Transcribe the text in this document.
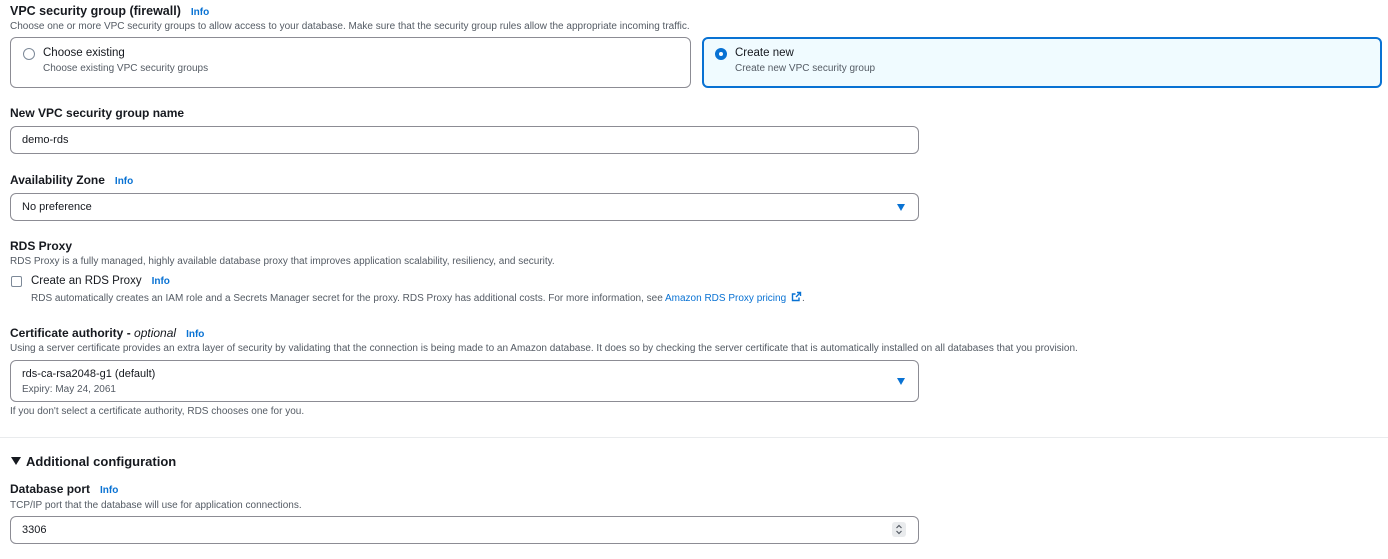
VPC security group (firewall) Info
Choose one or more VPC security groups to allow access to your database. Make sure that the security group rules allow the appropriate incoming traffic.
Choose existing
Choose existing VPC security groups
Create new
Create new VPC security group
New VPC security group name
demo-rds
Availability Zone Info
No preference
RDS Proxy
RDS Proxy is a fully managed, highly available database proxy that improves application scalability, resiliency, and security.
Create an RDS Proxy Info
RDS automatically creates an IAM role and a Secrets Manager secret for the proxy. RDS Proxy has additional costs. For more information, see Amazon RDS Proxy pricing .
Certificate authority - optional Info
Using a server certificate provides an extra layer of security by validating that the connection is being made to an Amazon database. It does so by checking the server certificate that is automatically installed on all databases that you provision.
rds-ca-rsa2048-g1 (default)
Expiry: May 24, 2061
If you don't select a certificate authority, RDS chooses one for you.
Additional configuration
Database port Info
TCP/IP port that the database will use for application connections.
3306
